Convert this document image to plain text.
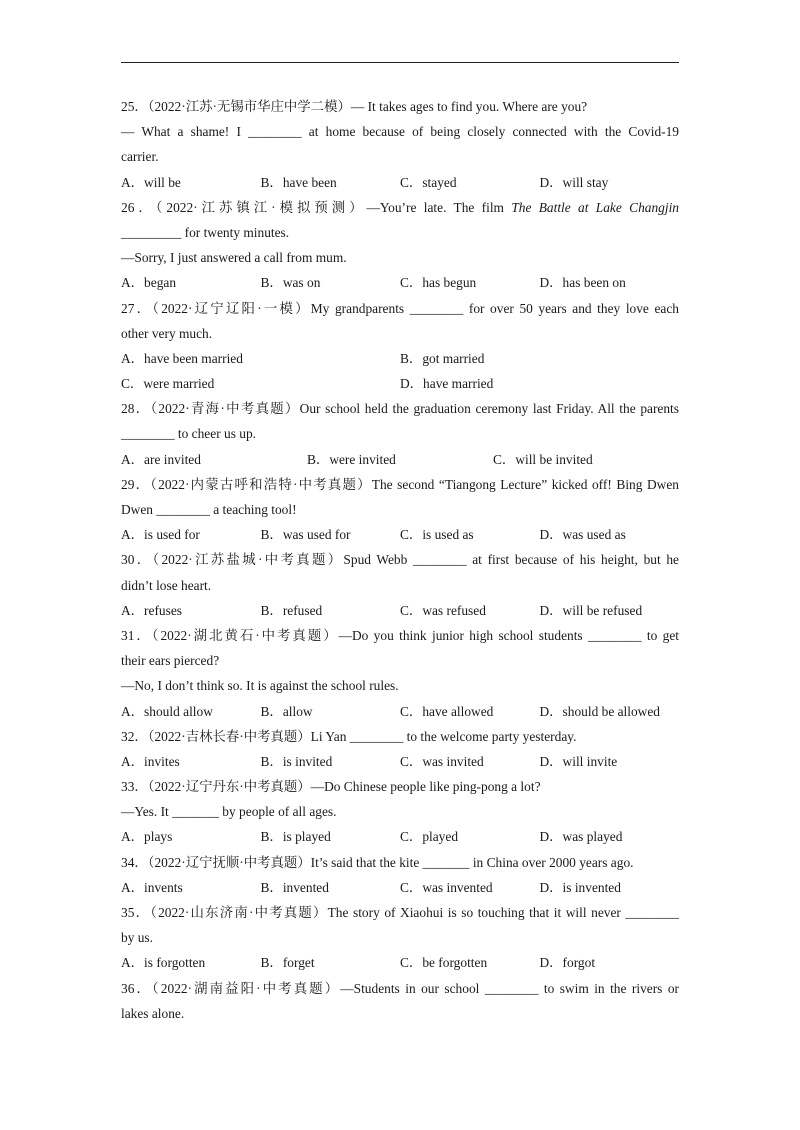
25．（2022·江苏·无锡市华庄中学二模）— It takes ages to find you. Where are you?
— What a shame! I ________ at home because of being closely connected with the Covid-19
carrier.
A．will be	B．have been	C．stayed	D．will stay
26．（2022·江苏镇江·模拟预测）—You’re late. The film The Battle at Lake Changjin
_________ for twenty minutes.
—Sorry, I just answered a call from mum.
A．began	B．was on	C．has begun	D．has been on
27．（2022·辽宁辽阳·一模）My grandparents ________ for over 50 years and they love each
other very much.
A．have been married	B．got married
C．were married	D．have married
28．（2022·青海·中考真题）Our school held the graduation ceremony last Friday. All the parents
________ to cheer us up.
A．are invited	B．were invited	C．will be invited
29．（2022·内蒙古呼和浩特·中考真题）The second “Tiangong Lecture” kicked off! Bing Dwen
Dwen ________ a teaching tool!
A．is used for	B．was used for	C．is used as	D．was used as
30．（2022·江苏盐城·中考真题）Spud Webb ________ at first because of his height, but he
didn’t lose heart.
A．refuses	B．refused	C．was refused	D．will be refused
31．（2022·湖北黄石·中考真题）—Do you think junior high school students ________ to get
their ears pierced?
—No, I don’t think so. It is against the school rules.
A．should allow	B．allow	C．have allowed	D．should be allowed
32．（2022·吉林长春·中考真题）Li Yan ________ to the welcome party yesterday.
A．invites	B．is invited	C．was invited	D．will invite
33．（2022·辽宁丹东·中考真题）—Do Chinese people like ping-pong a lot?
—Yes. It _______ by people of all ages.
A．plays	B．is played	C．played	D．was played
34．（2022·辽宁抚顺·中考真题）It’s said that the kite _______ in China over 2000 years ago.
A．invents	B．invented	C．was invented	D．is invented
35．（2022·山东济南·中考真题）The story of Xiaohui is so touching that it will never ________
by us.
A．is forgotten	B．forget	C．be forgotten	D．forgot
36．（2022·湖南益阳·中考真题）—Students in our school ________ to swim in the rivers or
lakes alone.
